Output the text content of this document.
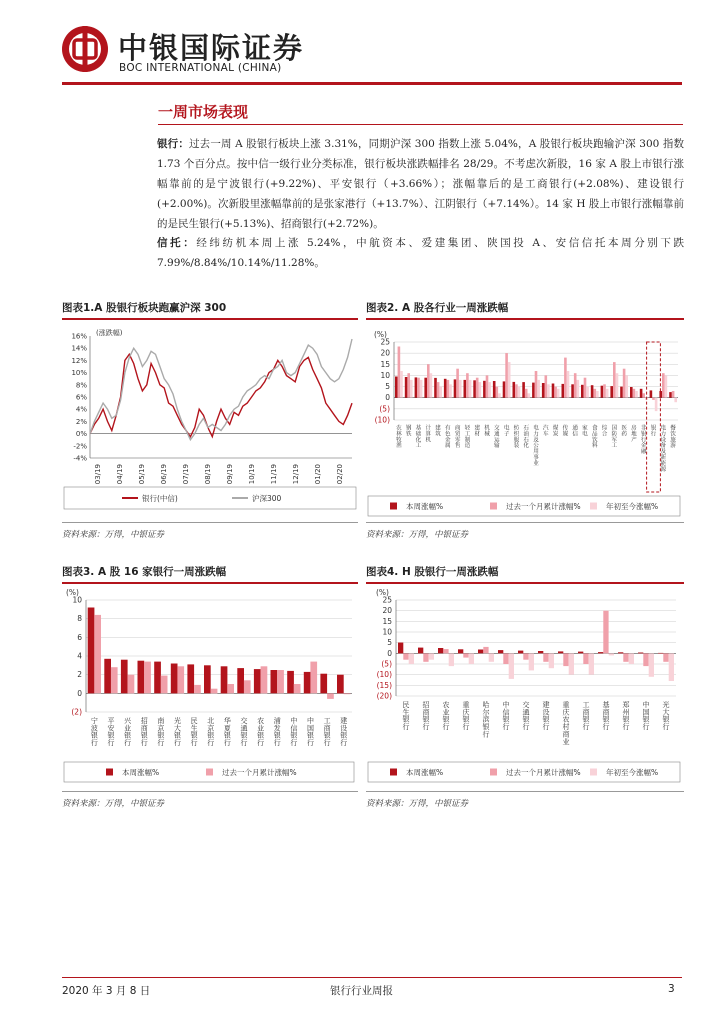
中银国际证券
BOC INTERNATIONAL (CHINA)
一周市场表现
银行：过去一周 A 股银行板块上涨 3.31%，同期沪深 300 指数上涨 5.04%，A 股银行板块跑输沪深 300 指数 1.73 个百分点。按中信一级行业分类标准，银行板块涨跌幅排名 28/29。不考虑次新股，16 家 A 股上市银行涨幅靠前的是宁波银行(+9.22%)、平安银行（+3.66%）；涨幅靠后的是工商银行(+2.08%)、建设银行(+2.00%)。次新股里涨幅靠前的是张家港行（+13.7%）、江阴银行（+7.14%）。14 家 H 股上市银行涨幅靠前的是民生银行(+5.13%)、招商银行(+2.72%)。
信托：经纬纺机本周上涨 5.24%，中航资本、爱建集团、陕国投 A、安信信托本周分别下跌 7.99%/8.84%/10.14%/11.28%。
图表1.A 股银行板块跑赢沪深 300
资料来源：万得，中银证券
图表2. A 股各行业一周涨跌幅
资料来源：万得，中银证券
图表3. A 股 16 家银行一周涨跌幅
资料来源：万得，中银证券
图表4. H 股银行一周涨跌幅
资料来源：万得，中银证券
(涨跌幅)
16%
14%
12%
10%
8%
6%
4%
2%
0%
-2%
-4%
03/19 04/19 05/19 06/19 07/19 08/19 09/19 10/19 11/19 12/19 01/20 02/20
银行(中信)	沪深300
(%)
25
20
15
10
5
0
(5)
(10)
农林牧渔
钢铁
基础化工
计算机
建筑
有色金属
商贸零售
轻工制造
建材
机械
交通运输
电子
纺织服装
石油石化
电力及公用事业
汽车
煤炭
传媒
通信
家电
食品饮料
综合
国防军工
医药
房地产
非银行金融
银行
电力设备及新能源
餐饮旅游
本周涨幅%	过去一个月累计涨幅%	年初至今涨幅%
(%)
10
8
6
4
2
0
(2)
宁波银行
平安银行
兴业银行
招商银行
南京银行
光大银行
民生银行
北京银行
华夏银行
交通银行
农业银行
浦发银行
中信银行
中国银行
工商银行
建设银行
本周涨幅%	过去一个月累计涨幅%
(%)
25
20
15
10
5
0
(5)
(10)
(15)
(20)
民生银行
招商银行
农业银行
重庆银行
哈尔滨银行
中信银行
交通银行
建设银行
重庆农村商业
工商银行
基商银行
郑州银行
中国银行
光大银行
本周涨幅%	过去一个月累计涨幅%	年初至今涨幅%
2020 年 3 月 8 日	银行行业周报	3
